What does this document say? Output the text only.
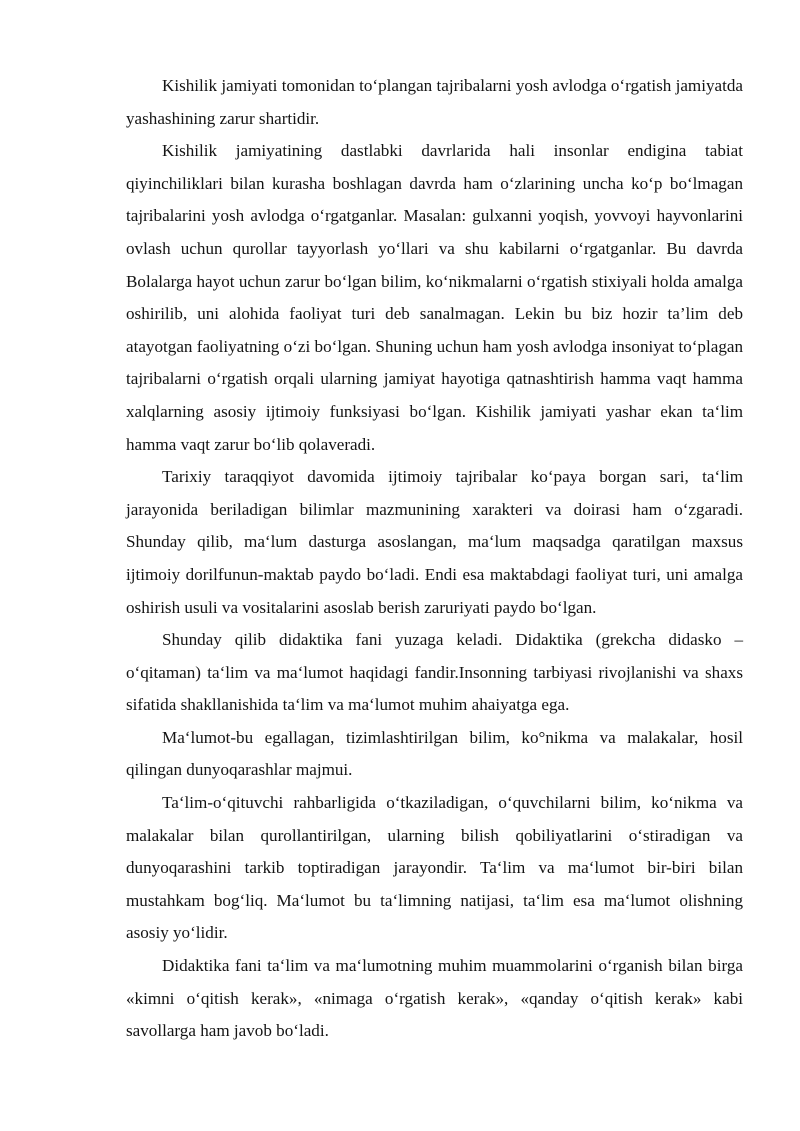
Kishilik jamiyati tomonidan to‘plangan tajribalarni yosh avlodga o‘rgatish jamiyatda yashashining zarur shartidir.

Kishilik jamiyatining dastlabki davrlarida hali insonlar endigina tabiat qiyinchiliklari bilan kurasha boshlagan davrda ham o‘zlarining uncha ko‘p bo‘lmagan tajribalarini yosh avlodga o‘rgatganlar. Masalan: gulxanni yoqish, yovvoyi hayvonlarini ovlash uchun qurollar tayyorlash yo‘llari va shu kabilarni o‘rgatganlar. Bu davrda Bolalarga hayot uchun zarur bo‘lgan bilim, ko‘nikmalarni o‘rgatish stixiyali holda amalga oshirilib, uni alohida faoliyat turi deb sanalmagan. Lekin bu biz hozir ta’lim deb atayotgan faoliyatning o‘zi bo‘lgan. Shuning uchun ham yosh avlodga insoniyat to‘plagan tajribalarni o‘rgatish orqali ularning jamiyat hayotiga qatnashtirish hamma vaqt hamma xalqlarning asosiy ijtimoiy funksiyasi bo‘lgan. Kishilik jamiyati yashar ekan ta‘lim hamma vaqt zarur bo‘lib qolaveradi.

Tarixiy taraqqiyot davomida ijtimoiy tajribalar ko‘paya borgan sari, ta‘lim jarayonida beriladigan bilimlar mazmunining xarakteri va doirasi ham o‘zgaradi. Shunday qilib, ma‘lum dasturga asoslangan, ma‘lum maqsadga qaratilgan maxsus ijtimoiy dorilfunun-maktab paydo bo‘ladi. Endi esa maktabdagi faoliyat turi, uni amalga oshirish usuli va vositalarini asoslab berish zaruriyati paydo bo‘lgan.

Shunday qilib didaktika fani yuzaga keladi. Didaktika (grekcha didasko – o‘qitaman) ta‘lim va ma‘lumot haqidagi fandir.Insonning tarbiyasi rivojlanishi va shaxs sifatida shakllanishida ta‘lim va ma‘lumot muhim ahaiyatga ega.

Ma‘lumot-bu egallagan, tizimlashtirilgan bilim, ko°nikma va malakalar, hosil qilingan dunyoqarashlar majmui.

Ta‘lim-o‘qituvchi rahbarligida o‘tkaziladigan, o‘quvchilarni bilim, ko‘nikma va malakalar bilan qurollantirilgan, ularning bilish qobiliyatlarini o‘stiradigan va dunyoqarashini tarkib toptiradigan jarayondir. Ta‘lim va ma‘lumot bir-biri bilan mustahkam bog‘liq. Ma‘lumot bu ta‘limning natijasi, ta‘lim esa ma‘lumot olishning asosiy yo‘lidir.

Didaktika fani ta‘lim va ma‘lumotning muhim muammolarini o‘rganish bilan birga «kimni o‘qitish kerak», «nimaga o‘rgatish kerak», «qanday o‘qitish kerak» kabi savollarga ham javob bo‘ladi.
